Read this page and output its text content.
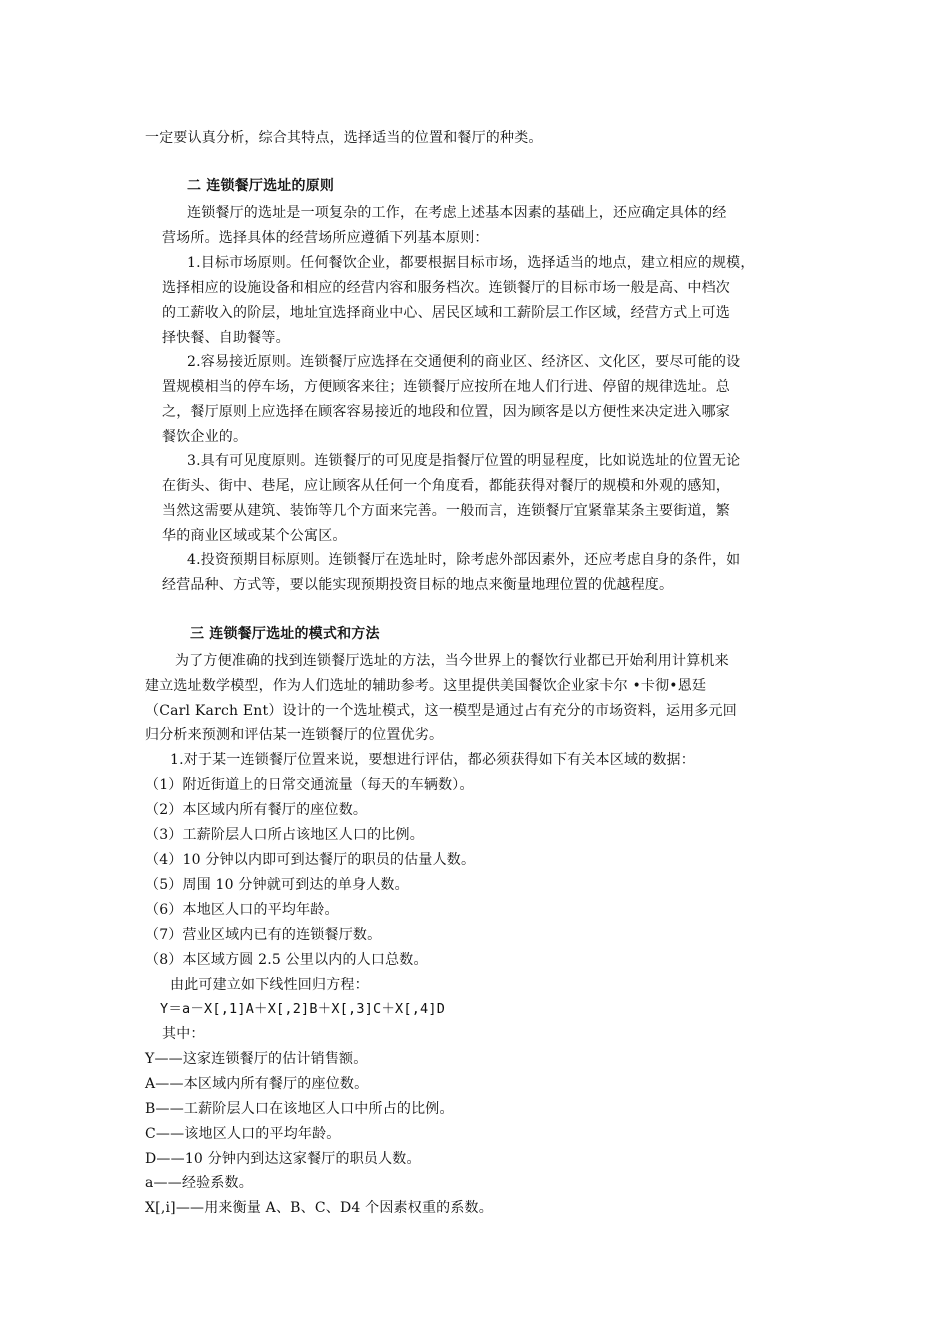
一定要认真分析，综合其特点，选择适当的位置和餐厅的种类。
二 连锁餐厅选址的原则
连锁餐厅的选址是一项复杂的工作，在考虑上述基本因素的基础上，还应确定具体的经
营场所。选择具体的经营场所应遵循下列基本原则：
1.目标市场原则。任何餐饮企业，都要根据目标市场，选择适当的地点，建立相应的规模，
选择相应的设施设备和相应的经营内容和服务档次。连锁餐厅的目标市场一般是高、中档次
的工薪收入的阶层，地址宜选择商业中心、居民区域和工薪阶层工作区域，经营方式上可选
择快餐、自助餐等。
2.容易接近原则。连锁餐厅应选择在交通便利的商业区、经济区、文化区，要尽可能的设
置规模相当的停车场，方便顾客来往；连锁餐厅应按所在地人们行进、停留的规律选址。总
之，餐厅原则上应选择在顾客容易接近的地段和位置，因为顾客是以方便性来决定进入哪家
餐饮企业的。
3.具有可见度原则。连锁餐厅的可见度是指餐厅位置的明显程度，比如说选址的位置无论
在街头、街中、巷尾，应让顾客从任何一个角度看，都能获得对餐厅的规模和外观的感知，
当然这需要从建筑、装饰等几个方面来完善。一般而言，连锁餐厅宜紧靠某条主要街道，繁
华的商业区域或某个公寓区。
4.投资预期目标原则。连锁餐厅在选址时，除考虑外部因素外，还应考虑自身的条件，如
经营品种、方式等，要以能实现预期投资目标的地点来衡量地理位置的优越程度。
三 连锁餐厅选址的模式和方法
为了方便准确的找到连锁餐厅选址的方法，当今世界上的餐饮行业都已开始利用计算机来
建立选址数学模型，作为人们选址的辅助参考。这里提供美国餐饮企业家卡尔 •卡彻•恩廷
（Carl Karch Ent）设计的一个选址模式，这一模型是通过占有充分的市场资料，运用多元回
归分析来预测和评估某一连锁餐厅的位置优劣。
1.对于某一连锁餐厅位置来说，要想进行评估，都必须获得如下有关本区域的数据：
（1）附近街道上的日常交通流量（每天的车辆数）。
（2）本区域内所有餐厅的座位数。
（3）工薪阶层人口所占该地区人口的比例。
（4）10 分钟以内即可到达餐厅的职员的估量人数。
（5）周围 10 分钟就可到达的单身人数。
（6）本地区人口的平均年龄。
（7）营业区域内已有的连锁餐厅数。
（8）本区域方圆 2.5 公里以内的人口总数。
由此可建立如下线性回归方程：
Y＝a－X[,1]A＋X[,2]B＋X[,3]C＋X[,4]D
其中：
Y——这家连锁餐厅的估计销售额。
A——本区域内所有餐厅的座位数。
B——工薪阶层人口在该地区人口中所占的比例。
C——该地区人口的平均年龄。
D——10 分钟内到达这家餐厅的职员人数。
a——经验系数。
X[,i]——用来衡量 A、B、C、D4 个因素权重的系数。
